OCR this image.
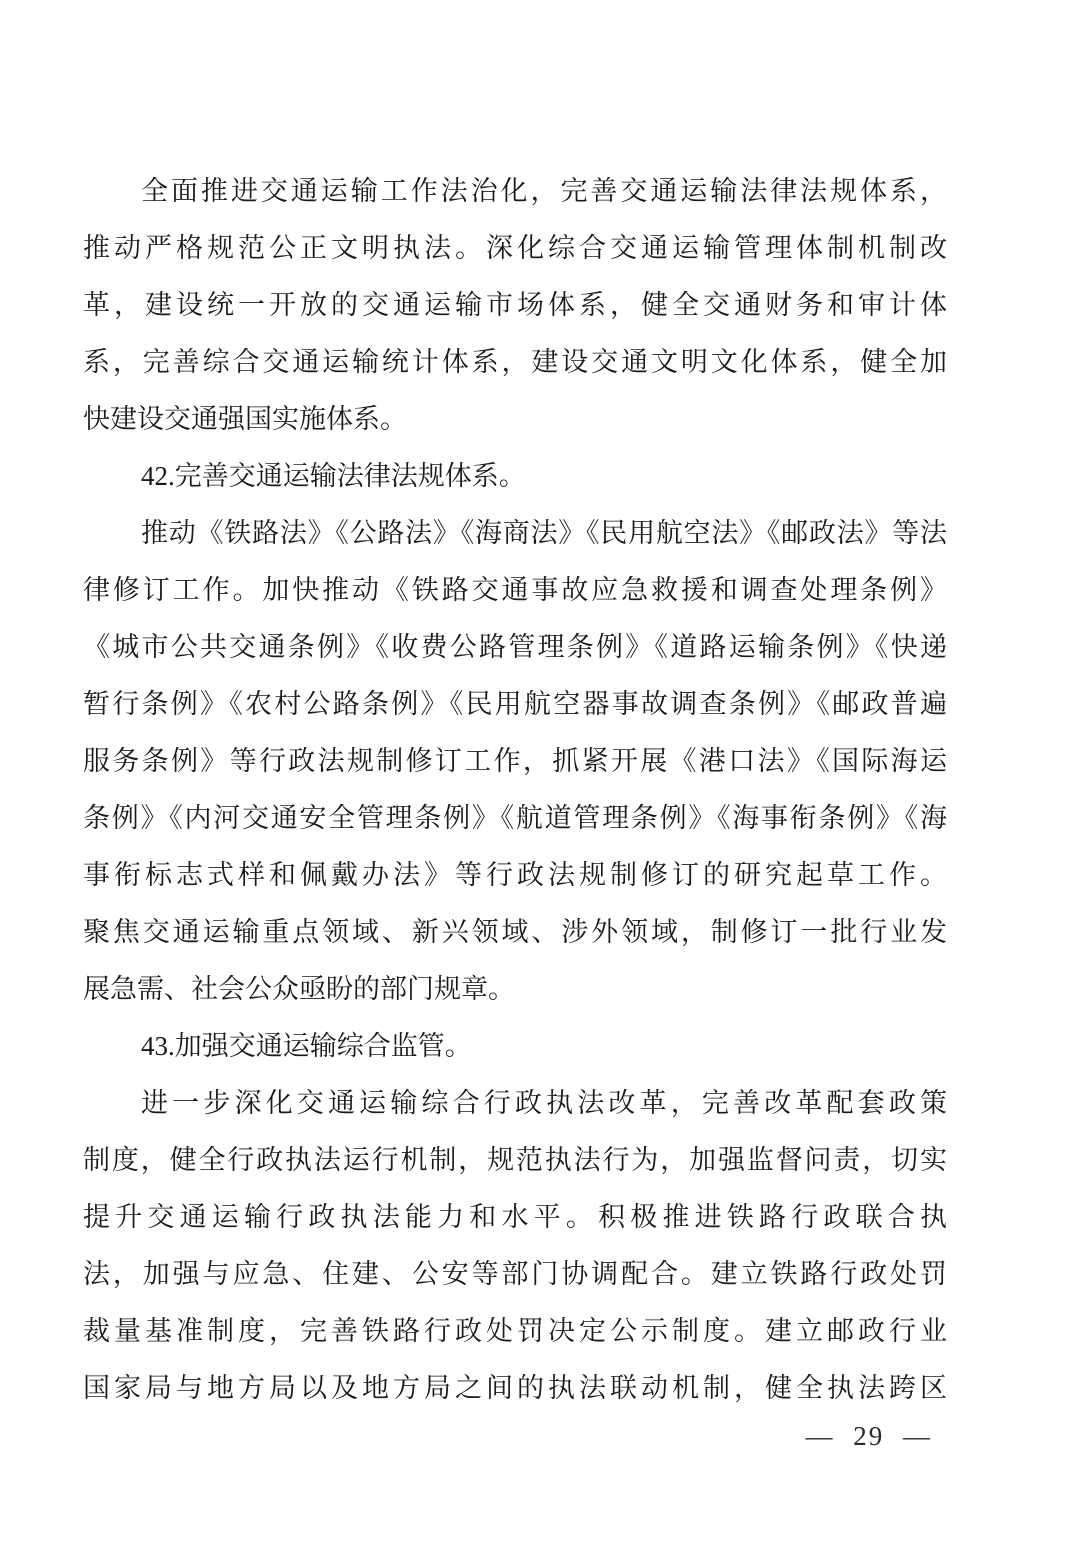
全面推进交通运输工作法治化，完善交通运输法律法规体系，
推动严格规范公正文明执法。深化综合交通运输管理体制机制改
革，建设统一开放的交通运输市场体系，健全交通财务和审计体
系，完善综合交通运输统计体系，建设交通文明文化体系，健全加
快建设交通强国实施体系。
42.完善交通运输法律法规体系。
推动《铁路法》《公路法》《海商法》《民用航空法》《邮政法》等法
律修订工作。加快推动《铁路交通事故应急救援和调查处理条例》
《城市公共交通条例》《收费公路管理条例》《道路运输条例》《快递
暂行条例》《农村公路条例》《民用航空器事故调查条例》《邮政普遍
服务条例》等行政法规制修订工作，抓紧开展《港口法》《国际海运
条例》《内河交通安全管理条例》《航道管理条例》《海事衔条例》《海
事衔标志式样和佩戴办法》等行政法规制修订的研究起草工作。
聚焦交通运输重点领域、新兴领域、涉外领域，制修订一批行业发
展急需、社会公众亟盼的部门规章。
43.加强交通运输综合监管。
进一步深化交通运输综合行政执法改革，完善改革配套政策
制度，健全行政执法运行机制，规范执法行为，加强监督问责，切实
提升交通运输行政执法能力和水平。积极推进铁路行政联合执
法，加强与应急、住建、公安等部门协调配合。建立铁路行政处罚
裁量基准制度，完善铁路行政处罚决定公示制度。建立邮政行业
国家局与地方局以及地方局之间的执法联动机制，健全执法跨区
— 29 —
